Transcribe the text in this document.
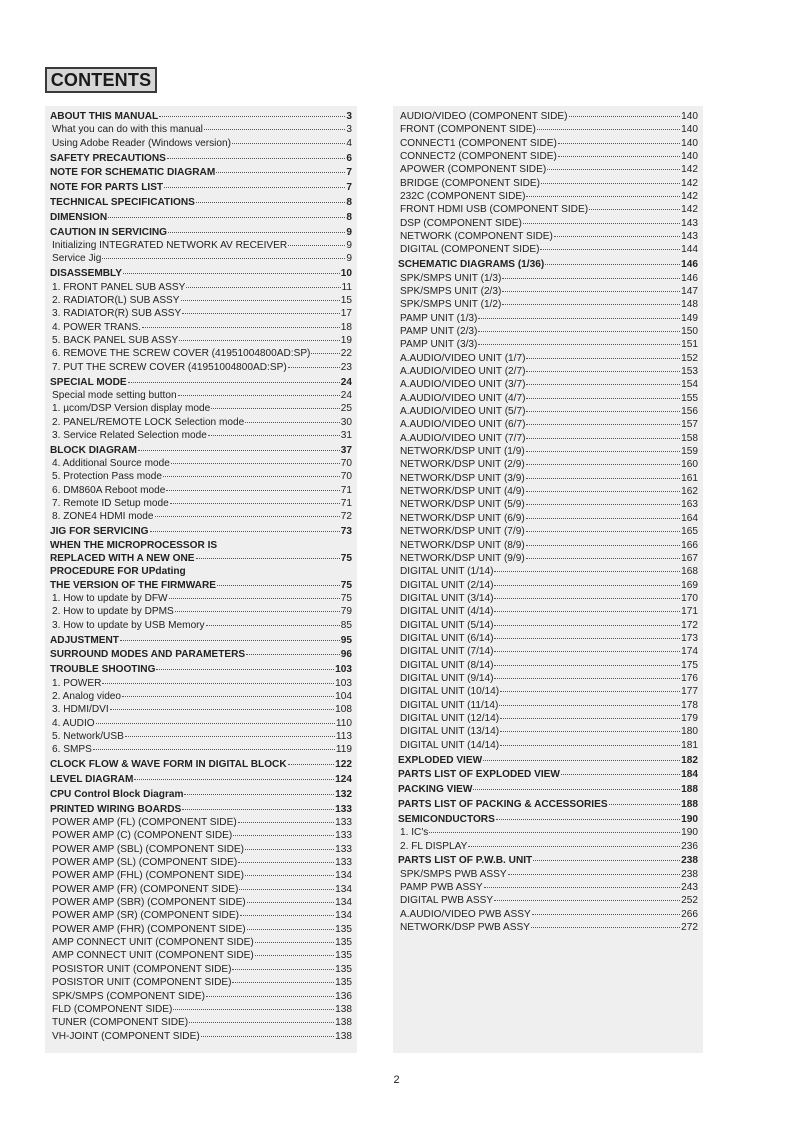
CONTENTS
ABOUT THIS MANUAL	3
What you can do with this manual	3
Using Adobe Reader (Windows version)	4
SAFETY PRECAUTIONS	6
NOTE FOR SCHEMATIC DIAGRAM	7
NOTE FOR PARTS LIST	7
TECHNICAL SPECIFICATIONS	8
DIMENSION	8
CAUTION IN SERVICING	9
Initializing INTEGRATED NETWORK AV RECEIVER	9
Service Jig	9
DISASSEMBLY	10
1. FRONT PANEL SUB ASSY	11
2. RADIATOR(L) SUB ASSY	15
3. RADIATOR(R) SUB ASSY	17
4. POWER TRANS.	18
5. BACK PANEL SUB ASSY	19
6. REMOVE THE SCREW COVER (41951004800AD:SP)	22
7. PUT THE SCREW COVER (41951004800AD:SP)	23
SPECIAL MODE	24
Special mode setting button	24
1. µcom/DSP Version display mode	25
2. PANEL/REMOTE LOCK Selection mode	30
3. Service Related Selection mode	31
BLOCK DIAGRAM	37
4. Additional Source mode	70
5. Protection Pass mode	70
6. DM860A Reboot mode	71
7. Remote ID Setup mode	71
8. ZONE4 HDMI mode	72
JIG FOR SERVICING	73
WHEN THE MICROPROCESSOR IS
REPLACED WITH A NEW ONE	75
PROCEDURE FOR UPdating
THE VERSION OF THE FIRMWARE	75
1. How to update by DFW	75
2. How to update by DPMS	79
3. How to update by USB Memory	85
ADJUSTMENT	95
SURROUND MODES AND PARAMETERS	96
TROUBLE SHOOTING	103
1. POWER	103
2. Analog video	104
3. HDMI/DVI	108
4. AUDIO	110
5. Network/USB	113
6. SMPS	119
CLOCK FLOW & WAVE FORM IN DIGITAL BLOCK	122
LEVEL DIAGRAM	124
CPU Control Block Diagram	132
PRINTED WIRING BOARDS	133
POWER AMP (FL) (COMPONENT SIDE)	133
POWER AMP (C) (COMPONENT SIDE)	133
POWER AMP (SBL) (COMPONENT SIDE)	133
POWER AMP (SL) (COMPONENT SIDE)	133
POWER AMP (FHL) (COMPONENT SIDE)	134
POWER AMP (FR) (COMPONENT SIDE)	134
POWER AMP (SBR) (COMPONENT SIDE)	134
POWER AMP (SR) (COMPONENT SIDE)	134
POWER AMP (FHR) (COMPONENT SIDE)	135
AMP CONNECT UNIT (COMPONENT SIDE)	135
AMP CONNECT UNIT (COMPONENT SIDE)	135
POSISTOR UNIT (COMPONENT SIDE)	135
POSISTOR UNIT (COMPONENT SIDE)	135
SPK/SMPS (COMPONENT SIDE)	136
FLD (COMPONENT SIDE)	138
TUNER (COMPONENT SIDE)	138
VH-JOINT (COMPONENT SIDE)	138
AUDIO/VIDEO (COMPONENT SIDE)	140
FRONT (COMPONENT SIDE)	140
CONNECT1 (COMPONENT SIDE)	140
CONNECT2 (COMPONENT SIDE)	140
APOWER (COMPONENT SIDE)	142
BRIDGE (COMPONENT SIDE)	142
232C (COMPONENT SIDE)	142
FRONT HDMI USB (COMPONENT SIDE)	142
DSP (COMPONENT SIDE)	143
NETWORK (COMPONENT SIDE)	143
DIGITAL (COMPONENT SIDE)	144
SCHEMATIC DIAGRAMS (1/36)	146
SPK/SMPS UNIT (1/3)	146
SPK/SMPS UNIT (2/3)	147
SPK/SMPS UNIT (1/2)	148
PAMP UNIT (1/3)	149
PAMP UNIT (2/3)	150
PAMP UNIT (3/3)	151
A.AUDIO/VIDEO UNIT (1/7)	152
A.AUDIO/VIDEO UNIT (2/7)	153
A.AUDIO/VIDEO UNIT (3/7)	154
A.AUDIO/VIDEO UNIT (4/7)	155
A.AUDIO/VIDEO UNIT (5/7)	156
A.AUDIO/VIDEO UNIT (6/7)	157
A.AUDIO/VIDEO UNIT (7/7)	158
NETWORK/DSP UNIT (1/9)	159
NETWORK/DSP UNIT (2/9)	160
NETWORK/DSP UNIT (3/9)	161
NETWORK/DSP UNIT (4/9)	162
NETWORK/DSP UNIT (5/9)	163
NETWORK/DSP UNIT (6/9)	164
NETWORK/DSP UNIT (7/9)	165
NETWORK/DSP UNIT (8/9)	166
NETWORK/DSP UNIT (9/9)	167
DIGITAL UNIT (1/14)	168
DIGITAL UNIT (2/14)	169
DIGITAL UNIT (3/14)	170
DIGITAL UNIT (4/14)	171
DIGITAL UNIT (5/14)	172
DIGITAL UNIT (6/14)	173
DIGITAL UNIT (7/14)	174
DIGITAL UNIT (8/14)	175
DIGITAL UNIT (9/14)	176
DIGITAL UNIT (10/14)	177
DIGITAL UNIT (11/14)	178
DIGITAL UNIT (12/14)	179
DIGITAL UNIT (13/14)	180
DIGITAL UNIT (14/14)	181
EXPLODED VIEW	182
PARTS LIST OF EXPLODED VIEW	184
PACKING VIEW	188
PARTS LIST OF PACKING & ACCESSORIES	188
SEMICONDUCTORS	190
1. IC's	190
2. FL DISPLAY	236
PARTS LIST OF P.W.B. UNIT	238
SPK/SMPS PWB ASSY	238
PAMP PWB ASSY	243
DIGITAL PWB ASSY	252
A.AUDIO/VIDEO PWB ASSY	266
NETWORK/DSP PWB ASSY	272
2
